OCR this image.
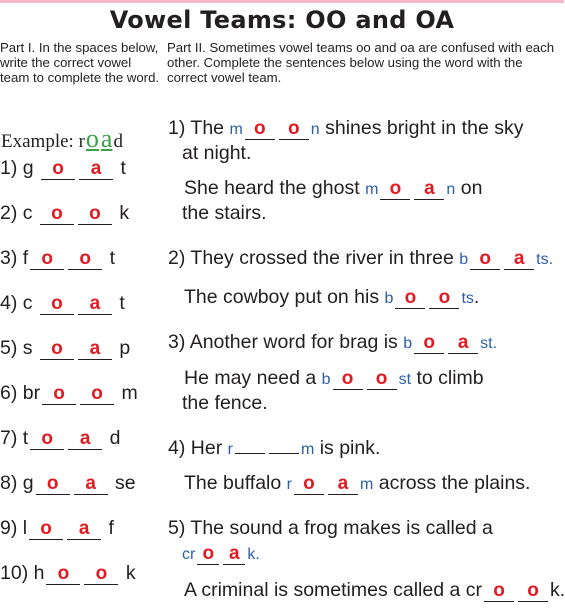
Vowel Teams: OO and OA
Part I. In the spaces below, write the correct vowel team to complete the word.
Part II. Sometimes vowel teams oo and oa are confused with each other. Complete the sentences below using the word with the correct vowel team.
Example: road
1) g o a t
2) c o o k
3) f o o t
4) c o a t
5) s o a p
6) br o o m
7) t o a d
8) g o a se
9) l o a f
10) h o o k
1) The m o o n shines bright in the sky
at night.
She heard the ghost m o a n on
the stairs.
2) They crossed the river in three b o a ts.
The cowboy put on his b o o ts.
3) Another word for brag is b o a st.
He may need a b o o st to climb
the fence.
4) Her r	m is pink.
The buffalo r o a m across the plains.
5) The sound a frog makes is called a
cr o a k.
A criminal is sometimes called a cr o o k.
